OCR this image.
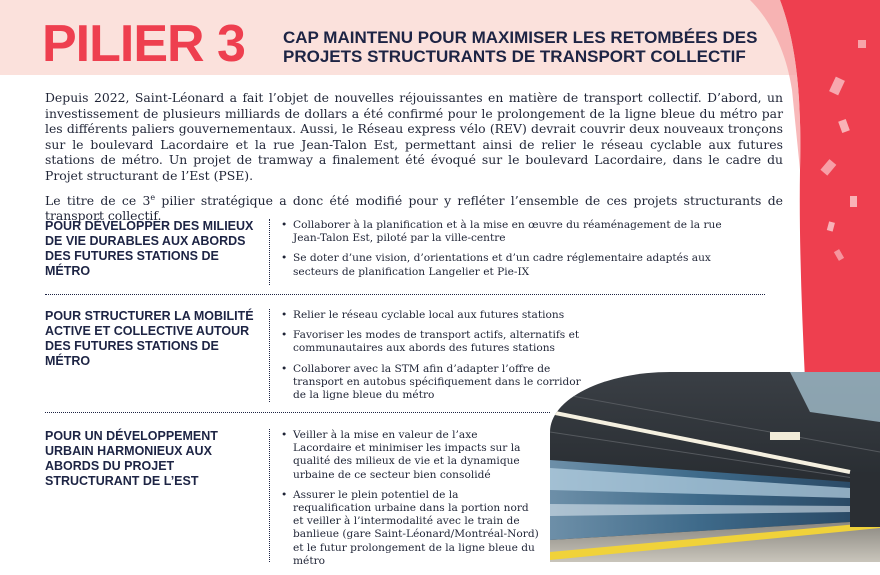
PILIER 3 CAP MAINTENU POUR MAXIMISER LES RETOMBÉES DES PROJETS STRUCTURANTS DE TRANSPORT COLLECTIF

Depuis 2022, Saint-Léonard a fait l’objet de nouvelles réjouissantes en matière de transport collectif. D’abord, un investissement de plusieurs milliards de dollars a été confirmé pour le prolongement de la ligne bleue du métro par les différents paliers gouvernementaux. Aussi, le Réseau express vélo (REV) devrait couvrir deux nouveaux tronçons sur le boulevard Lacordaire et la rue Jean-Talon Est, permettant ainsi de relier le réseau cyclable aux futures stations de métro. Un projet de tramway a finalement été évoqué sur le boulevard Lacordaire, dans le cadre du Projet structurant de l’Est (PSE).

Le titre de ce 3e pilier stratégique a donc été modifié pour y refléter l’ensemble de ces projets structurants de transport collectif.

POUR DÉVELOPPER DES MILIEUX DE VIE DURABLES AUX ABORDS DES FUTURES STATIONS DE MÉTRO
• Collaborer à la planification et à la mise en œuvre du réaménagement de la rue Jean-Talon Est, piloté par la ville-centre
• Se doter d’une vision, d’orientations et d’un cadre réglementaire adaptés aux secteurs de planification Langelier et Pie-IX
POUR STRUCTURER LA MOBILITÉ ACTIVE ET COLLECTIVE AUTOUR DES FUTURES STATIONS DE MÉTRO
• Relier le réseau cyclable local aux futures stations
• Favoriser les modes de transport actifs, alternatifs et communautaires aux abords des futures stations
• Collaborer avec la STM afin d’adapter l’offre de transport en autobus spécifiquement dans le corridor de la ligne bleue du métro
POUR UN DÉVELOPPEMENT URBAIN HARMONIEUX AUX ABORDS DU PROJET STRUCTURANT DE L’EST
• Veiller à la mise en valeur de l’axe Lacordaire et minimiser les impacts sur la qualité des milieux de vie et la dynamique urbaine de ce secteur bien consolidé
• Assurer le plein potentiel de la requalification urbaine dans la portion nord et veiller à l’intermodalité avec le train de banlieue (gare Saint-Léonard/Montréal-Nord) et le futur prolongement de la ligne bleue du métro
